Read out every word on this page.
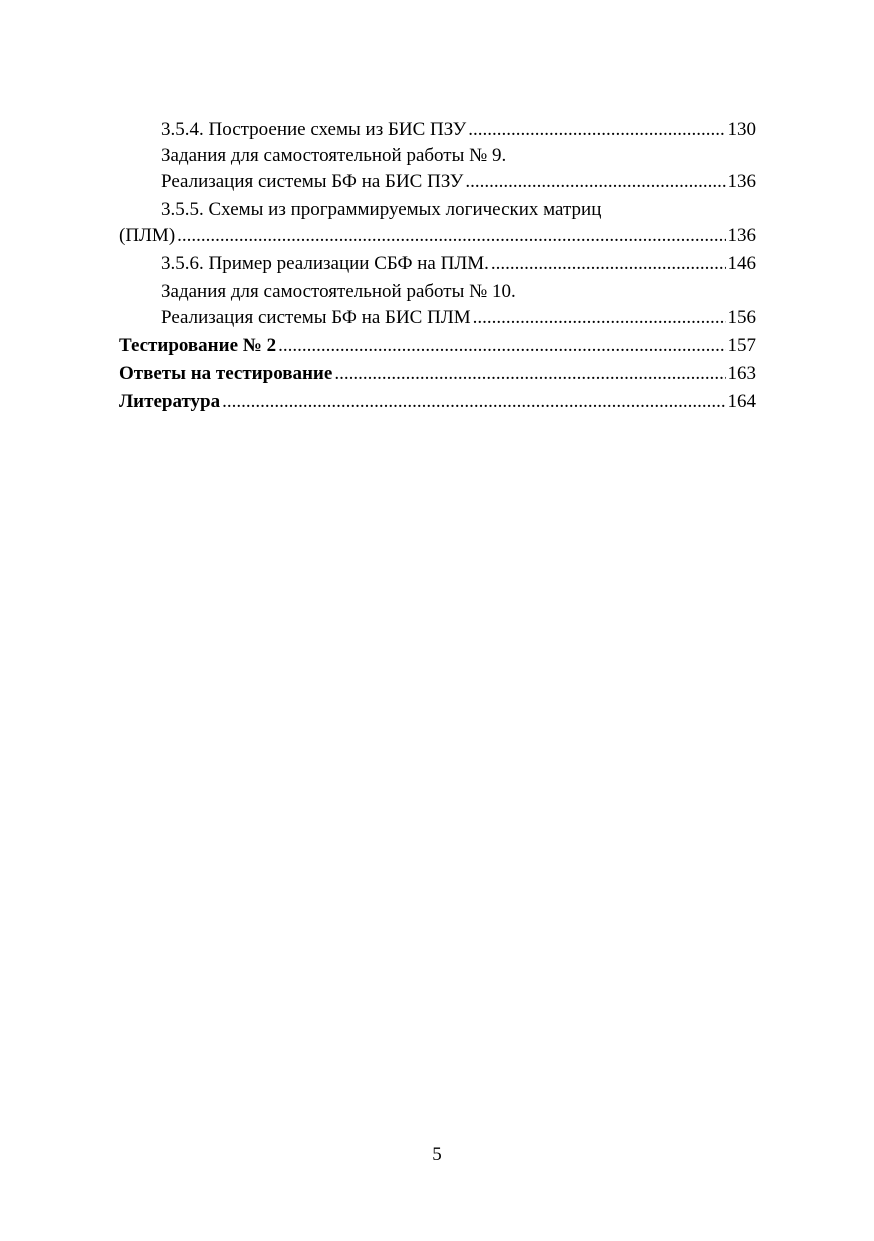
3.5.4. Построение схемы из БИС ПЗУ .....	130
Задания для самостоятельной работы № 9.
Реализация системы БФ на БИС ПЗУ .....	136
3.5.5. Схемы из программируемых логических матриц
(ПЛМ) .....	136
3.5.6. Пример реализации СБФ на ПЛМ. .....	146
Задания для самостоятельной работы № 10.
Реализация системы БФ на БИС ПЛМ .....	156
Тестирование № 2 .....	157
Ответы на тестирование .....	163
Литература .....	164
5
